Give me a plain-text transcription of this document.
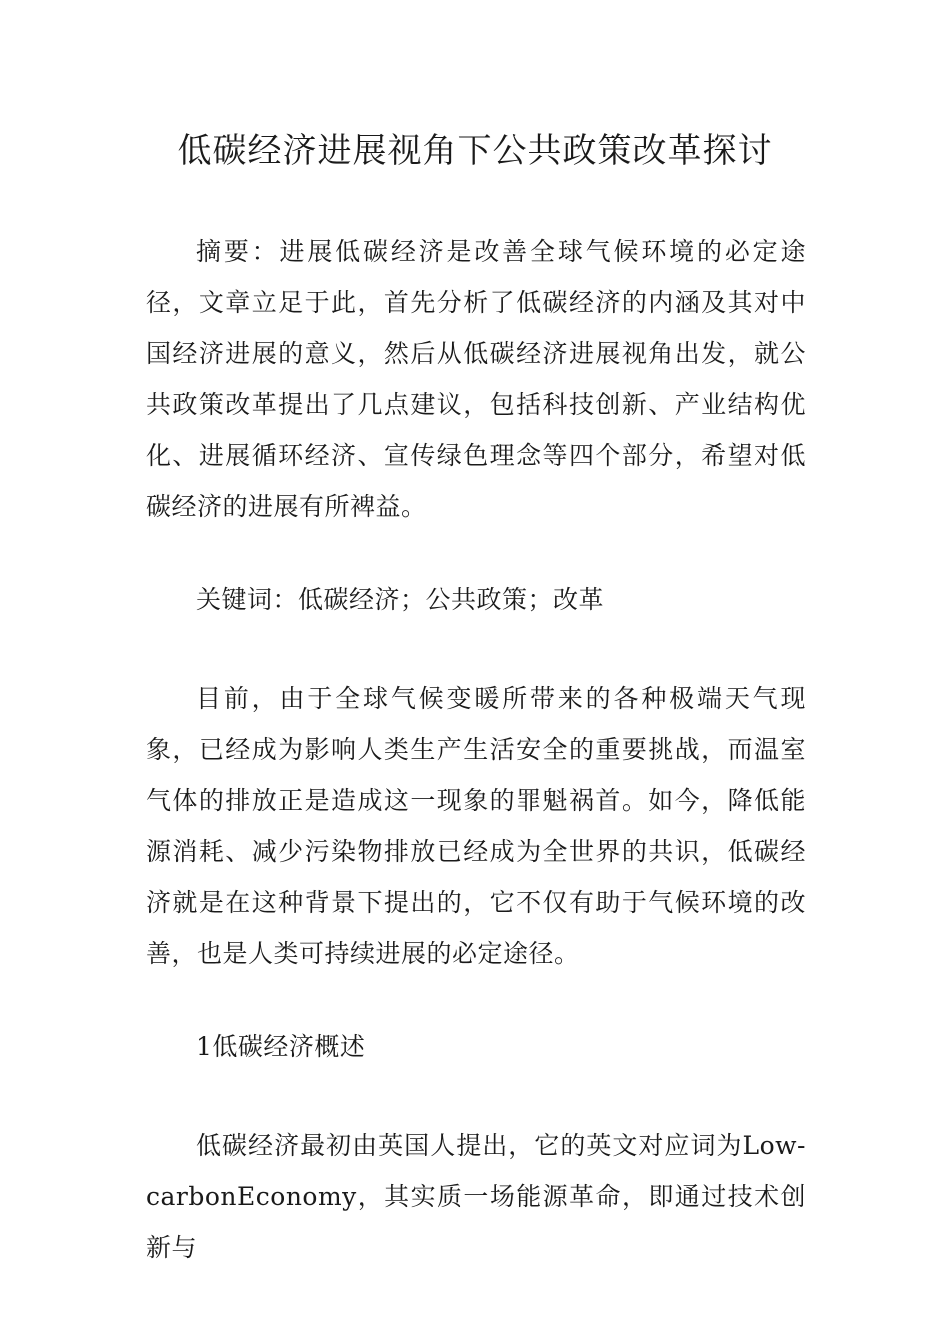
低碳经济进展视角下公共政策改革探讨

摘要：进展低碳经济是改善全球气候环境的必定途径，文章立足于此，首先分析了低碳经济的内涵及其对中国经济进展的意义，然后从低碳经济进展视角出发，就公共政策改革提出了几点建议，包括科技创新、产业结构优化、进展循环经济、宣传绿色理念等四个部分，希望对低碳经济的进展有所裨益。

关键词：低碳经济；公共政策；改革

目前，由于全球气候变暖所带来的各种极端天气现象，已经成为影响人类生产生活安全的重要挑战，而温室气体的排放正是造成这一现象的罪魁祸首。如今，降低能源消耗、减少污染物排放已经成为全世界的共识，低碳经济就是在这种背景下提出的，它不仅有助于气候环境的改善，也是人类可持续进展的必定途径。

1低碳经济概述

低碳经济最初由英国人提出，它的英文对应词为Low-carbonEconomy，其实质一场能源革命，即通过技术创新与
